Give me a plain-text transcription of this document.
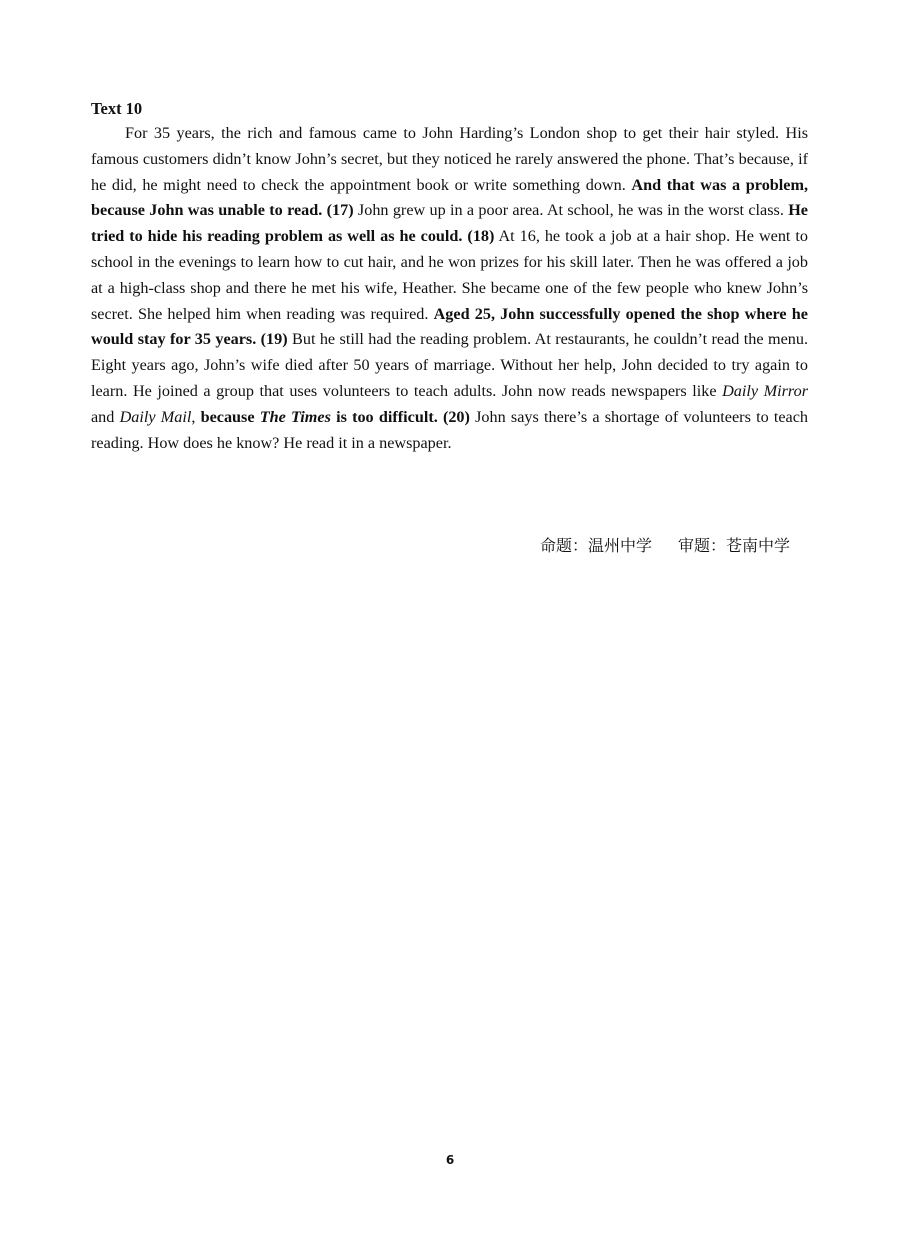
Text 10

For 35 years, the rich and famous came to John Harding’s London shop to get their hair styled. His famous customers didn’t know John’s secret, but they noticed he rarely answered the phone. That’s because, if he did, he might need to check the appointment book or write something down. And that was a problem, because John was unable to read. (17) John grew up in a poor area. At school, he was in the worst class. He tried to hide his reading problem as well as he could. (18) At 16, he took a job at a hair shop. He went to school in the evenings to learn how to cut hair, and he won prizes for his skill later. Then he was offered a job at a high-class shop and there he met his wife, Heather. She became one of the few people who knew John’s secret. She helped him when reading was required. Aged 25, John successfully opened the shop where he would stay for 35 years. (19) But he still had the reading problem. At restaurants, he couldn’t read the menu. Eight years ago, John’s wife died after 50 years of marriage. Without her help, John decided to try again to learn. He joined a group that uses volunteers to teach adults. John now reads newspapers like Daily Mirror and Daily Mail, because The Times is too difficult. (20) John says there’s a shortage of volunteers to teach reading. How does he know? He read it in a newspaper.

命题：温州中学 审题：苍南中学
6
